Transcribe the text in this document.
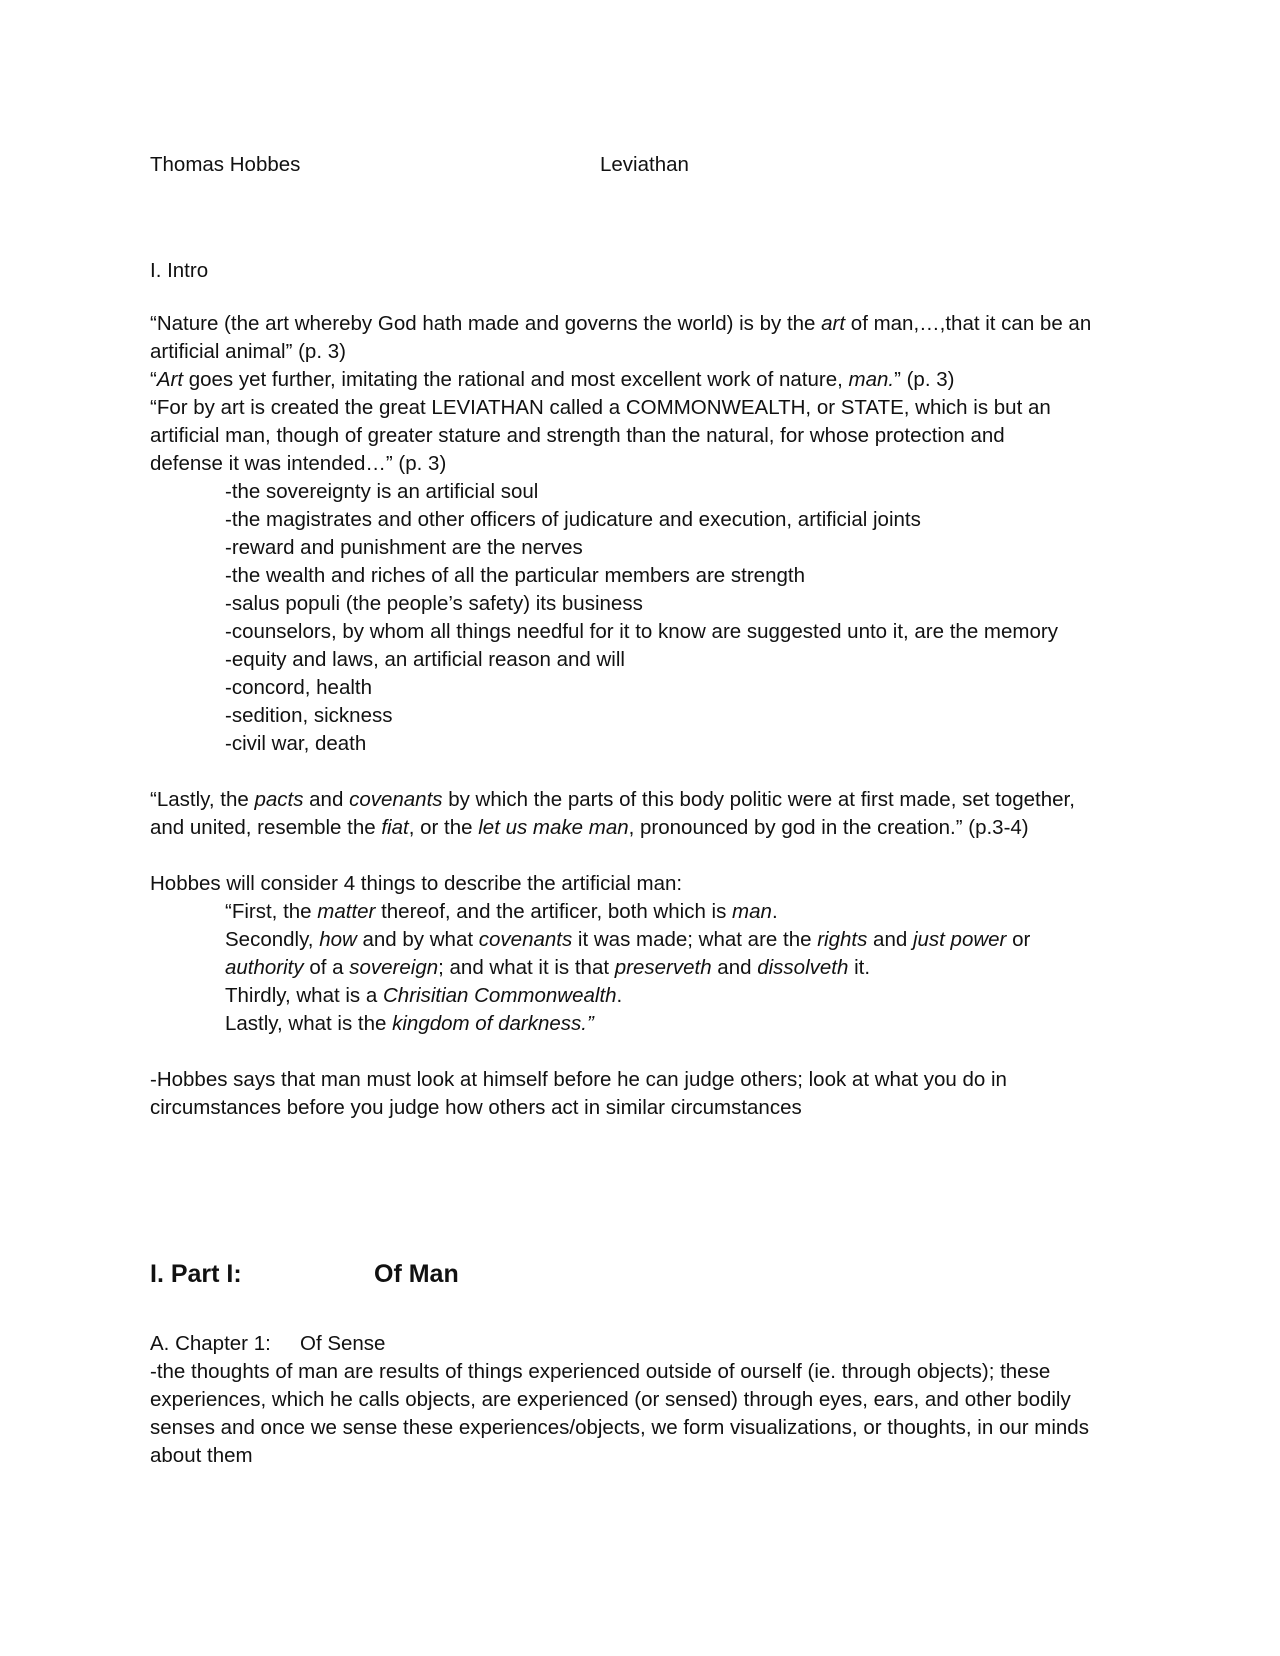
Thomas Hobbes	Leviathan

I. Intro

“Nature (the art whereby God hath made and governs the world) is by the art of man,…,that it can be an

artificial animal” (p. 3)

“Art goes yet further, imitating the rational and most excellent work of nature, man.” (p. 3)

“For by art is created the great LEVIATHAN called a COMMONWEALTH, or STATE, which is but an

artificial man, though of greater stature and strength than the natural, for whose protection and

defense it was intended…” (p. 3)

-the sovereignty is an artificial soul

-the magistrates and other officers of judicature and execution, artificial joints

-reward and punishment are the nerves

-the wealth and riches of all the particular members are strength

-salus populi (the people’s safety) its business

-counselors, by whom all things needful for it to know are suggested unto it, are the memory

-equity and laws, an artificial reason and will

-concord, health

-sedition, sickness

-civil war, death

“Lastly, the pacts and covenants by which the parts of this body politic were at first made, set together,

and united, resemble the fiat, or the let us make man, pronounced by god in the creation.” (p.3-4)

Hobbes will consider 4 things to describe the artificial man:

“First, the matter thereof, and the artificer, both which is man.

Secondly, how and by what covenants it was made; what are the rights and just power or

authority of a sovereign; and what it is that preserveth and dissolveth it.

Thirdly, what is a Chrisitian Commonwealth.

Lastly, what is the kingdom of darkness.”

-Hobbes says that man must look at himself before he can judge others; look at what you do in

circumstances before you judge how others act in similar circumstances

I. Part I:	Of Man

A. Chapter 1: Of Sense

-the thoughts of man are results of things experienced outside of ourself (ie. through objects); these

experiences, which he calls objects, are experienced (or sensed) through eyes, ears, and other bodily

senses and once we sense these experiences/objects, we form visualizations, or thoughts, in our minds

about them
